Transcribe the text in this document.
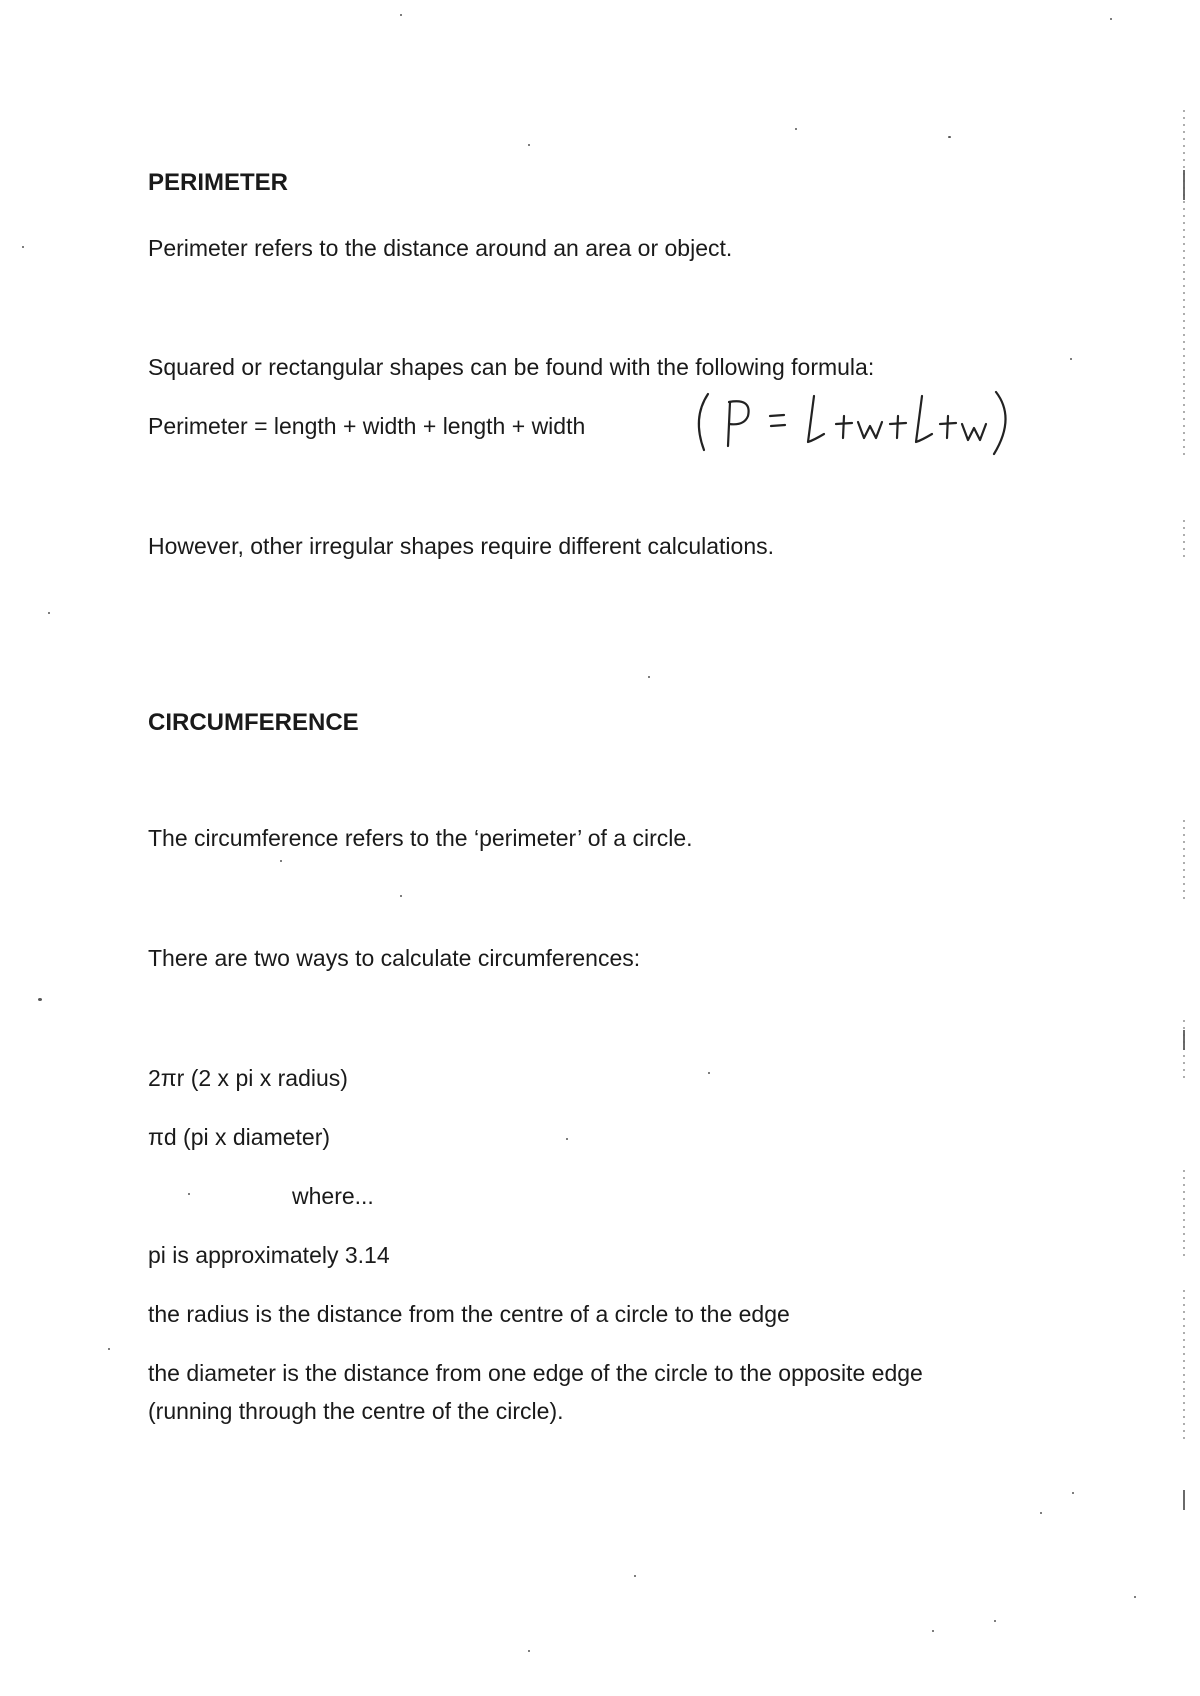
PERIMETER
Perimeter refers to the distance around an area or object.
Squared or rectangular shapes can be found with the following formula:
Perimeter = length + width + length + width
(P = l+w+l+w)
However, other irregular shapes require different calculations.
CIRCUMFERENCE
The circumference refers to the ‘perimeter’ of a circle.
There are two ways to calculate circumferences:
2πr (2 x pi x radius)
πd (pi x diameter)
where...
pi is approximately 3.14
the radius is the distance from the centre of a circle to the edge
the diameter is the distance from one edge of the circle to the opposite edge
(running through the centre of the circle).
